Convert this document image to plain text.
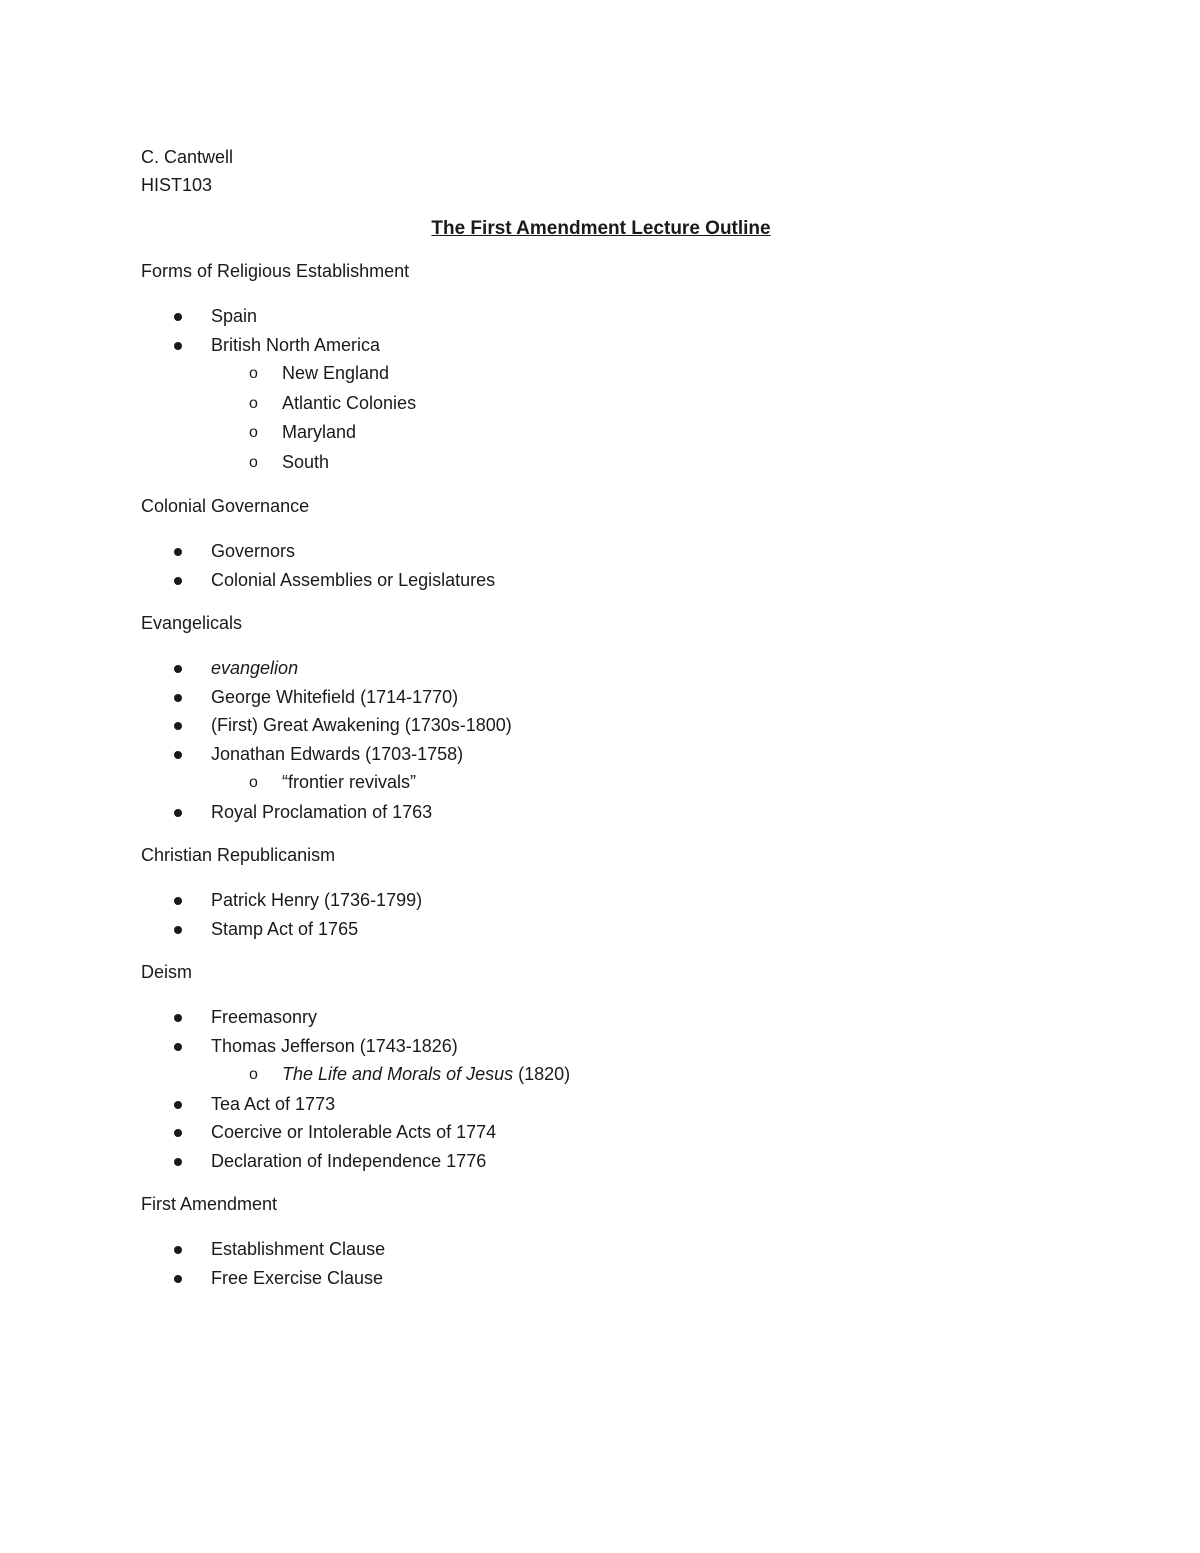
C. Cantwell
HIST103
The First Amendment Lecture Outline
Forms of Religious Establishment
Spain
British North America
o New England
o Atlantic Colonies
o Maryland
o South
Colonial Governance
Governors
Colonial Assemblies or Legislatures
Evangelicals
evangelion
George Whitefield (1714-1770)
(First) Great Awakening (1730s-1800)
Jonathan Edwards (1703-1758)
o “frontier revivals”
Royal Proclamation of 1763
Christian Republicanism
Patrick Henry (1736-1799)
Stamp Act of 1765
Deism
Freemasonry
Thomas Jefferson (1743-1826)
o The Life and Morals of Jesus (1820)
Tea Act of 1773
Coercive or Intolerable Acts of 1774
Declaration of Independence 1776
First Amendment
Establishment Clause
Free Exercise Clause
